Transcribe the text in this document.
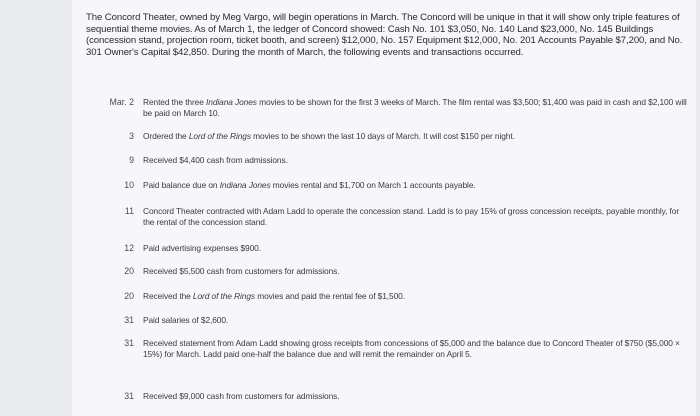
The Concord Theater, owned by Meg Vargo, will begin operations in March. The Concord will be unique in that it will show only triple features of sequential theme movies. As of March 1, the ledger of Concord showed: Cash No. 101 $3,050, No. 140 Land $23,000, No. 145 Buildings (concession stand, projection room, ticket booth, and screen) $12,000, No. 157 Equipment $12,000, No. 201 Accounts Payable $7,200, and No. 301 Owner's Capital $42,850. During the month of March, the following events and transactions occurred.
Mar. 2 Rented the three Indiana Jones movies to be shown for the first 3 weeks of March. The film rental was $3,500; $1,400 was paid in cash and $2,100 will be paid on March 10.
3 Ordered the Lord of the Rings movies to be shown the last 10 days of March. It will cost $150 per night.
9 Received $4,400 cash from admissions.
10 Paid balance due on Indiana Jones movies rental and $1,700 on March 1 accounts payable.
11 Concord Theater contracted with Adam Ladd to operate the concession stand. Ladd is to pay 15% of gross concession receipts, payable monthly, for the rental of the concession stand.
12 Paid advertising expenses $900.
20 Received $5,500 cash from customers for admissions.
20 Received the Lord of the Rings movies and paid the rental fee of $1,500.
31 Paid salaries of $2,600.
31 Received statement from Adam Ladd showing gross receipts from concessions of $5,000 and the balance due to Concord Theater of $750 ($5,000 × 15%) for March. Ladd paid one-half the balance due and will remit the remainder on April 5.
31 Received $9,000 cash from customers for admissions.
